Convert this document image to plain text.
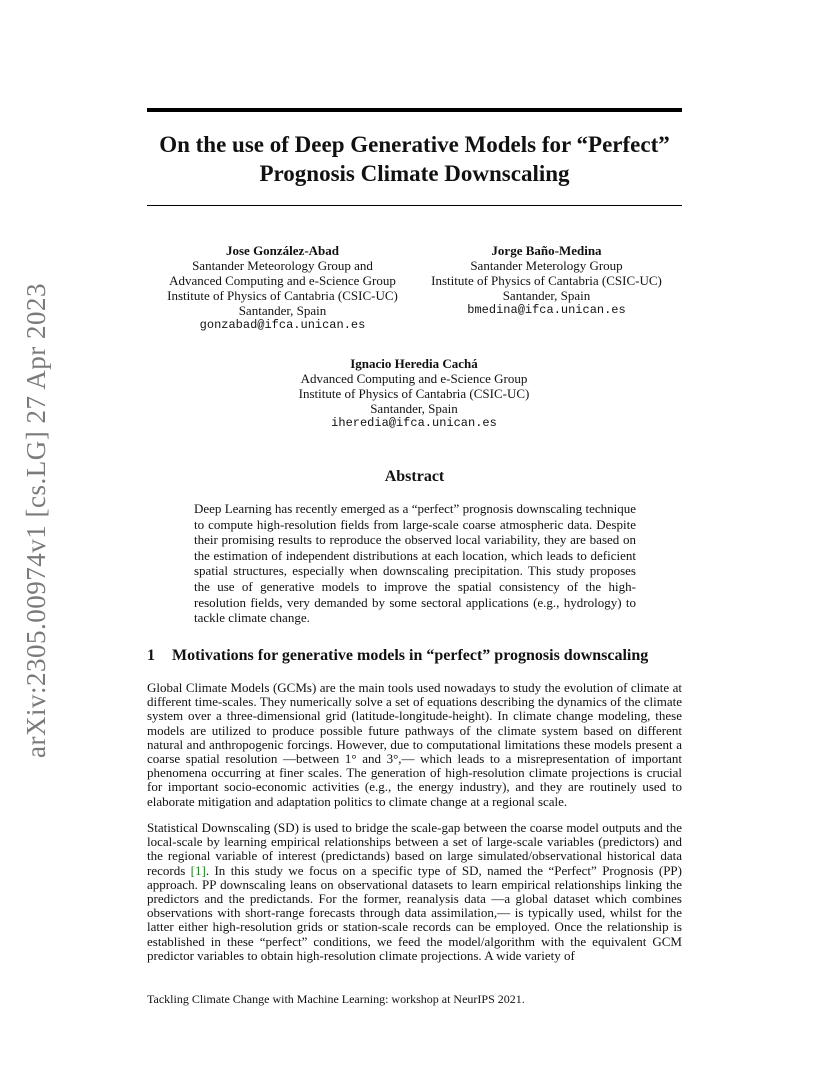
arXiv:2305.00974v1 [cs.LG] 27 Apr 2023
On the use of Deep Generative Models for “Perfect” Prognosis Climate Downscaling
Jose González-Abad
Santander Meteorology Group and
Advanced Computing and e-Science Group
Institute of Physics of Cantabria (CSIC-UC)
Santander, Spain
gonzabad@ifca.unican.es
Jorge Baño-Medina
Santander Meterology Group
Institute of Physics of Cantabria (CSIC-UC)
Santander, Spain
bmedina@ifca.unican.es
Ignacio Heredia Cachá
Advanced Computing and e-Science Group
Institute of Physics of Cantabria (CSIC-UC)
Santander, Spain
iheredia@ifca.unican.es
Abstract

Deep Learning has recently emerged as a “perfect” prognosis downscaling technique to compute high-resolution fields from large-scale coarse atmospheric data. Despite their promising results to reproduce the observed local variability, they are based on the estimation of independent distributions at each location, which leads to deficient spatial structures, especially when downscaling precipitation. This study proposes the use of generative models to improve the spatial consistency of the high-resolution fields, very demanded by some sectoral applications (e.g., hydrology) to tackle climate change.

1 Motivations for generative models in “perfect” prognosis downscaling

Global Climate Models (GCMs) are the main tools used nowadays to study the evolution of climate at different time-scales. They numerically solve a set of equations describing the dynamics of the climate system over a three-dimensional grid (latitude-longitude-height). In climate change modeling, these models are utilized to produce possible future pathways of the climate system based on different natural and anthropogenic forcings. However, due to computational limitations these models present a coarse spatial resolution —between 1° and 3°,— which leads to a misrepresentation of important phenomena occurring at finer scales. The generation of high-resolution climate projections is crucial for important socio-economic activities (e.g., the energy industry), and they are routinely used to elaborate mitigation and adaptation politics to climate change at a regional scale.

Statistical Downscaling (SD) is used to bridge the scale-gap between the coarse model outputs and the local-scale by learning empirical relationships between a set of large-scale variables (predictors) and the regional variable of interest (predictands) based on large simulated/observational historical data records [1]. In this study we focus on a specific type of SD, named the “Perfect” Prognosis (PP) approach. PP downscaling leans on observational datasets to learn empirical relationships linking the predictors and the predictands. For the former, reanalysis data —a global dataset which combines observations with short-range forecasts through data assimilation,— is typically used, whilst for the latter either high-resolution grids or station-scale records can be employed. Once the relationship is established in these “perfect” conditions, we feed the model/algorithm with the equivalent GCM predictor variables to obtain high-resolution climate projections. A wide variety of

Tackling Climate Change with Machine Learning: workshop at NeurIPS 2021.
